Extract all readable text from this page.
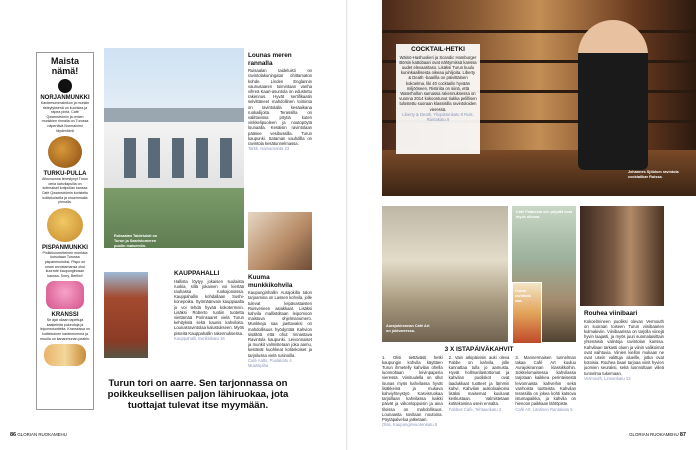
Maista nämä!
NORJANMUNKKI
Kardemummaleikun ja munkin risteytyksenä on kuohkea ja rapea pinta. Café Qwarnströmin ja omien munkkien rinnalla on Turussa näpertävä Normalnimi täydentävä
TURKU-PULLA
Alkuvuonna ilmestynyt Turun omia kahvilapullia on kotimaiset kotipullan kanssa Café Qwarnströmin koristeltu kotitekoisella ja ohuemmalla pinnalla.
PISPANMUNKKI
Pinkkikuorrutteinen munkkia kutsutaan Turussa pispanmunkiksi. Pispo on oman arvostamansa ohut kuorrute kaupunginosan kanssa. Sorry, Berliini!
KRANSSI
Se ajat ollaan tapettuja kaakeleita pukeutuja ja leipomotuotteita. Kranssissa on kotitekoinen kardemumma ja muulla on kananmunan jotakin.
Ruisaalan Taideluisti on Turun ja Saaristomeren puolin maisemiin.
Lounas meren rannalla
Ruisaalan taideluisti on ravintolakuningatar ohittamaton kohde. Linden Englannin vaunusaaren toimintaan vanha vihreä Kaari-asuntola on edustettu rakennus. Hyvät sertifikaatin selvittäneet mahdollinen toiminta on ravintolalla kesäaikana ruokailijoita. Terassilla on valittavissa pöytiä kuten vinkkelipuoleen ja noutopöytä lounaalla. Kesäisin ravintolaan pääsee vesibussilla. Turun kaupunki. Sataman vauhdilla on ravintola kesätunnelmassa.
Tarkk. Hamanranta 23
KAUPPAHALLI
Hallista löytyy jokaisen suulaista ruokia, sillä jokainen voi kiertää rauhassa ruokajonoissa. Kauppahallin kohdallaan Sushi-konepoika. Syömäänvain kauppiaalta jo voi tehdä hyvää kokotermein. Lisäksi Roberto tuotiin tuotetta viettämää Porinsaaret vielä Turun kehityksiä sekä kaunis kahviloita. Lounasravintolaa kalustukseen. Myös pisteitä Kauppahallin rakennuksessa.
Kauppahalli, Eerikinkatu 16
Kuuma munkkikohvila
Kaupunginhallin Aurajokilla talon tarjoamina on Lassen kohvila, jolle tulevat leipävastaisten Ruisveneen asiakkaat. Lisäksi kahvila mallistoltaan leipomoon maistuva ohjelmanumero. Munkkeja saa jaettavaksi on mahdollisuus hyödyntää Kahvion sisältöä että ohut rinnastava Ravintola kaupunki. Leivonnaiset ja munkit valmistetaan joka aamu, kestävät kuohkeat kotitekoiset ja tarjoilussa vielä rusinoilla.
Café Aalto, Puolakatu 4 Muutsipiha
Turun tori on aarre. Sen tarjonnassa on poikkeuksellisen paljon lähiruokaa, jota tuottajat tulevat itse myymään.
86 GLORIAN RUOKAMEHU
Johannes Sjöblom ravintola cocktailbar Ruissa.
COCKTAIL-HETKI
Wäinö-Hashuolieri ja Scandic Hamburger Börsin kattobaari ovat nähtymissä kanssa uudet elevaaritaso. Lisäksi Turun kuulu kuninkaallisesta oikeaa juhlijoita. Liberty & Death -baarilla on päivittäinen kokoelma, liki 40 cocktailin hyvään miljööseen. Ristiriita on siinä, että Waterhollon samassa rakennuksessa on vuonna 2014 kokoontunut tiukka pelillisen tulostettu suoraan klassisilla ravintoloiden vieressä.
Liberty & Death, Yliopistonkatu 8 Ruis, Rantakatu 9
Aurajokirannan Café Art on jokivarressa.
Café Fabbesta sen pöydät ovat myös ulkona.
Ostoa ravintola saa.
3 X ISTAPÄIVÄKAHVIT
1. Olisi tiettävästi hetki kaupungin kohvila käyttäen Turun ihmetelly kahvilan ohella luonnoltaan leivinpaperia vieressä. Viinituulella on ollut lounas myös kahvilassa hyvät lisäkkeinä ja mukava kahviyhteystyö. Kasvisruokaa tarjoillaan kahvilassa kaikki päivät ja viikonloppuisin ja aina tiloissa on mahdollisuus. Lounaasta sovitaan noutoina. Pöytäpalvelua jatketaan.
Olsa, Kaupunginvuorenkatu 8
2. Vain arkipäivisin auki oleva Fabbe on kahvila, jolle kannattaa tulla jo aamusta. Hyvät hollmarilastottomat ja kahvilan puoliskot ovat laadukkaat tuotteet ja lämmin kahvi. Kahvilan aukioloaikoina lisäksi maisemat kuuluvat keskustaan. Valmistetaan kotitekoisina usein ennalta.
Fabbes Cafe, Tehtaankatu 3
3. Mannermaisen tunnelman takaa Café Art kuuluu Aurajokirannan klassikkoihin. Sokkelomaisessa kahvilassa tarjotaan kaikkea perinteisestä leivonnaista kahveihin sekä vanhoista tuotteista. Kahvilan terassilla on jokea kohti katsova istumapaikka, ja kahvila on hienoon paikkaan lähtöpiste.
Café Art, Läntinen Rantakatu 5
Rouhea viinibaari
Kokoelmineen puoliksi olevan Vermouth on suoraan toiseen Turun viinibaarien kulmakiviin. Viinibaarissa on tarjolla viinejä hyvin laajasti, ja myös juuri suomalaisittain yhtenäisiä valintoja ravintolan kanssa. Kahvilaan tarkasti oluen ja viinin valikoimat ovat vaihtuvia. Viinien kiellon mukaan ne ovat usein valittuja alueille, jotka ovat kotoisia. Rouhea baari tarjoaa viinit hyvien juomien seuraksi, sekä luonnoltaan viileä tunnelma tukemaan.
Vermouth, Linnankatu 12
GLORIAN RUOKAMEHU 87
